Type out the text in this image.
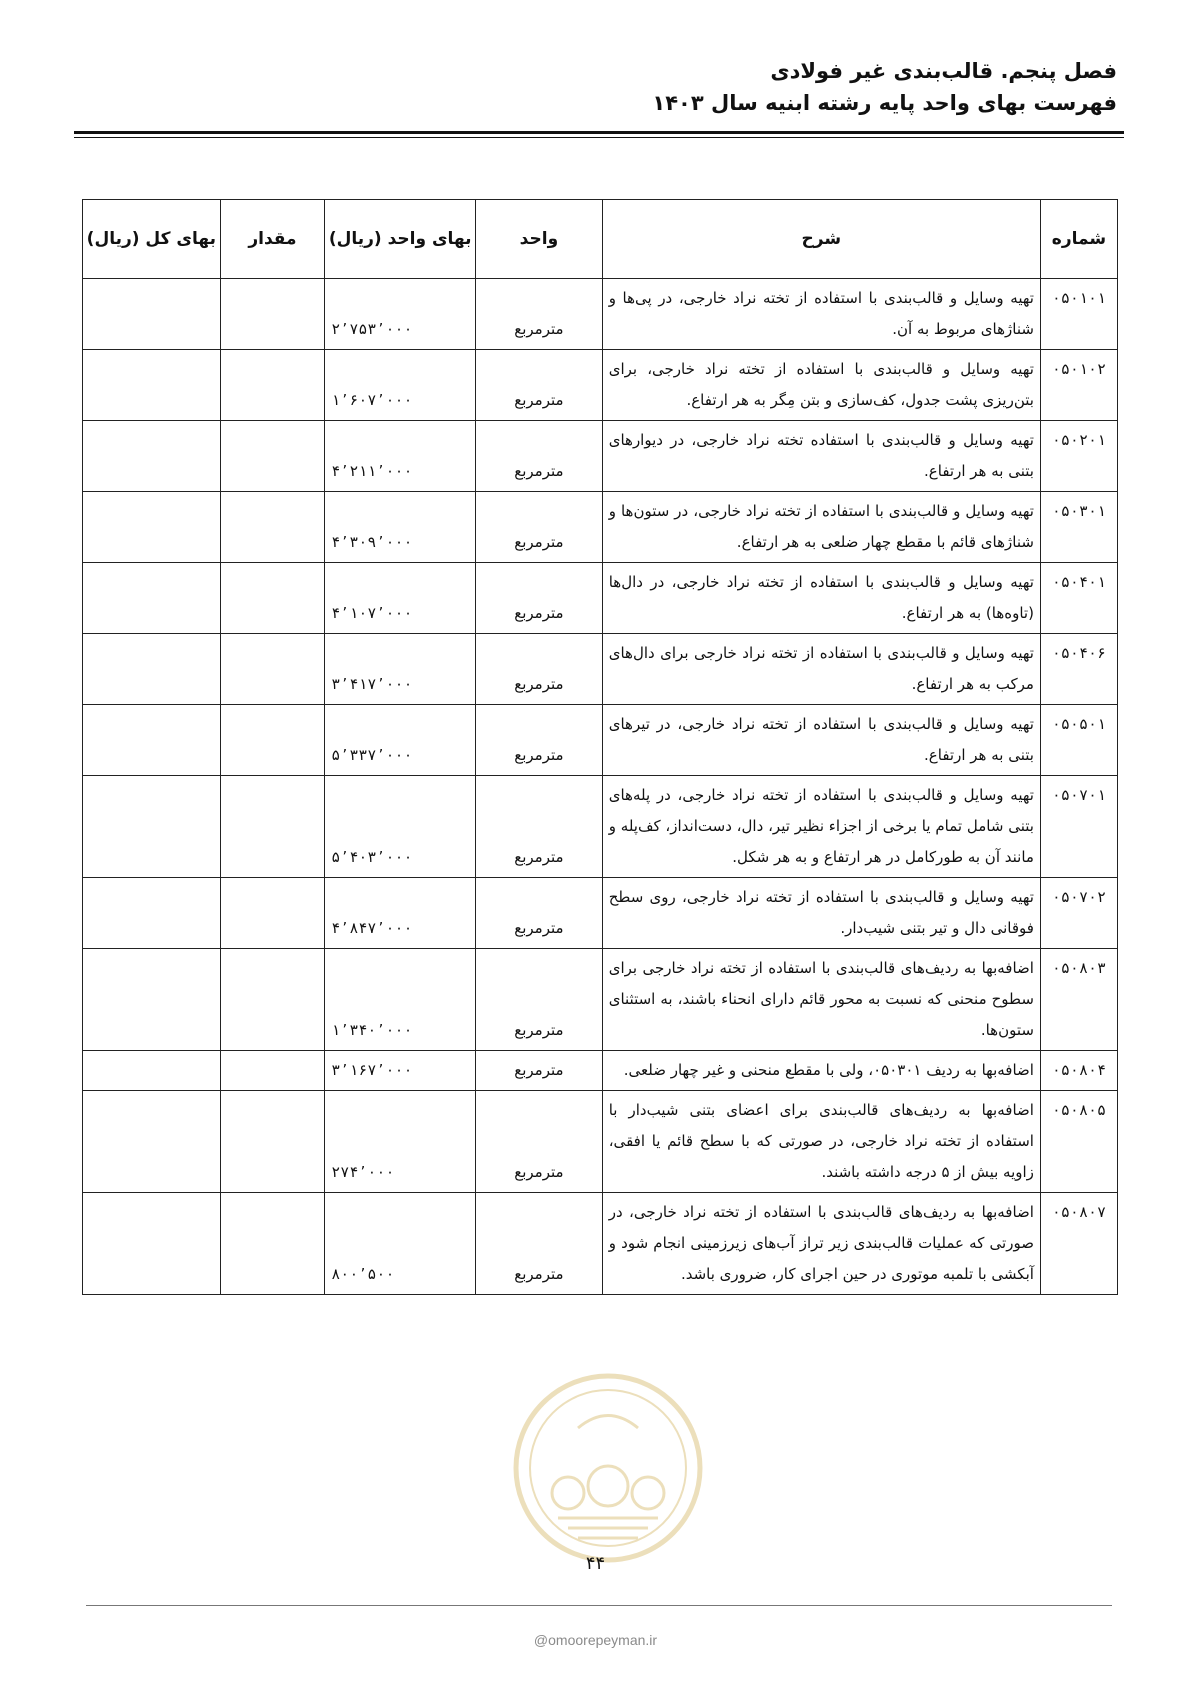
فصل پنجم. قالب‌بندی غیر فولادی
فهرست بهای واحد پایه رشته ابنیه سال ۱۴۰۳
شماره	شرح	واحد	بهای واحد (ریال)	مقدار	بهای کل (ریال)
۰۵۰۱۰۱	تهیه وسایل و قالب‌بندی با استفاده از تخته نراد خارجی، در پی‌ها و شناژهای مربوط به آن.	مترمربع	۲٬۷۵۳٬۰۰۰		
۰۵۰۱۰۲	تهیه وسایل و قالب‌بندی با استفاده از تخته نراد خارجی، برای بتن‌ریزی پشت جدول، کف‌سازی و بتن مِگر به هر ارتفاع.	مترمربع	۱٬۶۰۷٬۰۰۰		
۰۵۰۲۰۱	تهیه وسایل و قالب‌بندی با استفاده تخته نراد خارجی، در دیوارهای بتنی به هر ارتفاع.	مترمربع	۴٬۲۱۱٬۰۰۰		
۰۵۰۳۰۱	تهیه وسایل و قالب‌بندی با استفاده از تخته نراد خارجی، در ستون‌ها و شناژهای قائم با مقطع چهار ضلعی به هر ارتفاع.	مترمربع	۴٬۳۰۹٬۰۰۰		
۰۵۰۴۰۱	تهیه وسایل و قالب‌بندی با استفاده از تخته نراد خارجی، در دال‌ها (تاوه‌ها) به هر ارتفاع.	مترمربع	۴٬۱۰۷٬۰۰۰		
۰۵۰۴۰۶	تهیه وسایل و قالب‌بندی با استفاده از تخته نراد خارجی برای دال‌های مرکب به هر ارتفاع.	مترمربع	۳٬۴۱۷٬۰۰۰		
۰۵۰۵۰۱	تهیه وسایل و قالب‌بندی با استفاده از تخته نراد خارجی، در تیرهای بتنی به هر ارتفاع.	مترمربع	۵٬۳۳۷٬۰۰۰		
۰۵۰۷۰۱	تهیه وسایل و قالب‌بندی با استفاده از تخته نراد خارجی، در پله‌های بتنی شامل تمام یا برخی از اجزاء نظیر تیر، دال، دست‌انداز، کف‌پله و مانند آن به طورکامل در هر ارتفاع و به هر شکل.	مترمربع	۵٬۴۰۳٬۰۰۰		
۰۵۰۷۰۲	تهیه وسایل و قالب‌بندی با استفاده از تخته نراد خارجی، روی سطح فوقانی دال و تیر بتنی شیب‌دار.	مترمربع	۴٬۸۴۷٬۰۰۰		
۰۵۰۸۰۳	اضافه‌بها به ردیف‌های قالب‌بندی با استفاده از تخته نراد خارجی برای سطوح منحنی که نسبت به محور قائم دارای انحناء باشند، به استثنای ستون‌ها.	مترمربع	۱٬۳۴۰٬۰۰۰		
۰۵۰۸۰۴	اضافه‌بها به ردیف ۰۵۰۳۰۱، ولی با مقطع منحنی و غیر چهار ضلعی.	مترمربع	۳٬۱۶۷٬۰۰۰		
۰۵۰۸۰۵	اضافه‌بها به ردیف‌های قالب‌بندی برای اعضای بتنی شیب‌دار با استفاده از تخته نراد خارجی، در صورتی که با سطح قائم یا افقی، زاویه بیش از ۵ درجه داشته باشند.	مترمربع	۲۷۴٬۰۰۰		
۰۵۰۸۰۷	اضافه‌بها به ردیف‌های قالب‌بندی با استفاده از تخته نراد خارجی، در صورتی که عملیات قالب‌بندی زیر تراز آب‌های زیرزمینی انجام شود و آبکشی با تلمبه موتوری در حین اجرای کار، ضروری باشد.	مترمربع	۸۰۰٬۵۰۰		
۴۴
@omoorepeyman.ir
